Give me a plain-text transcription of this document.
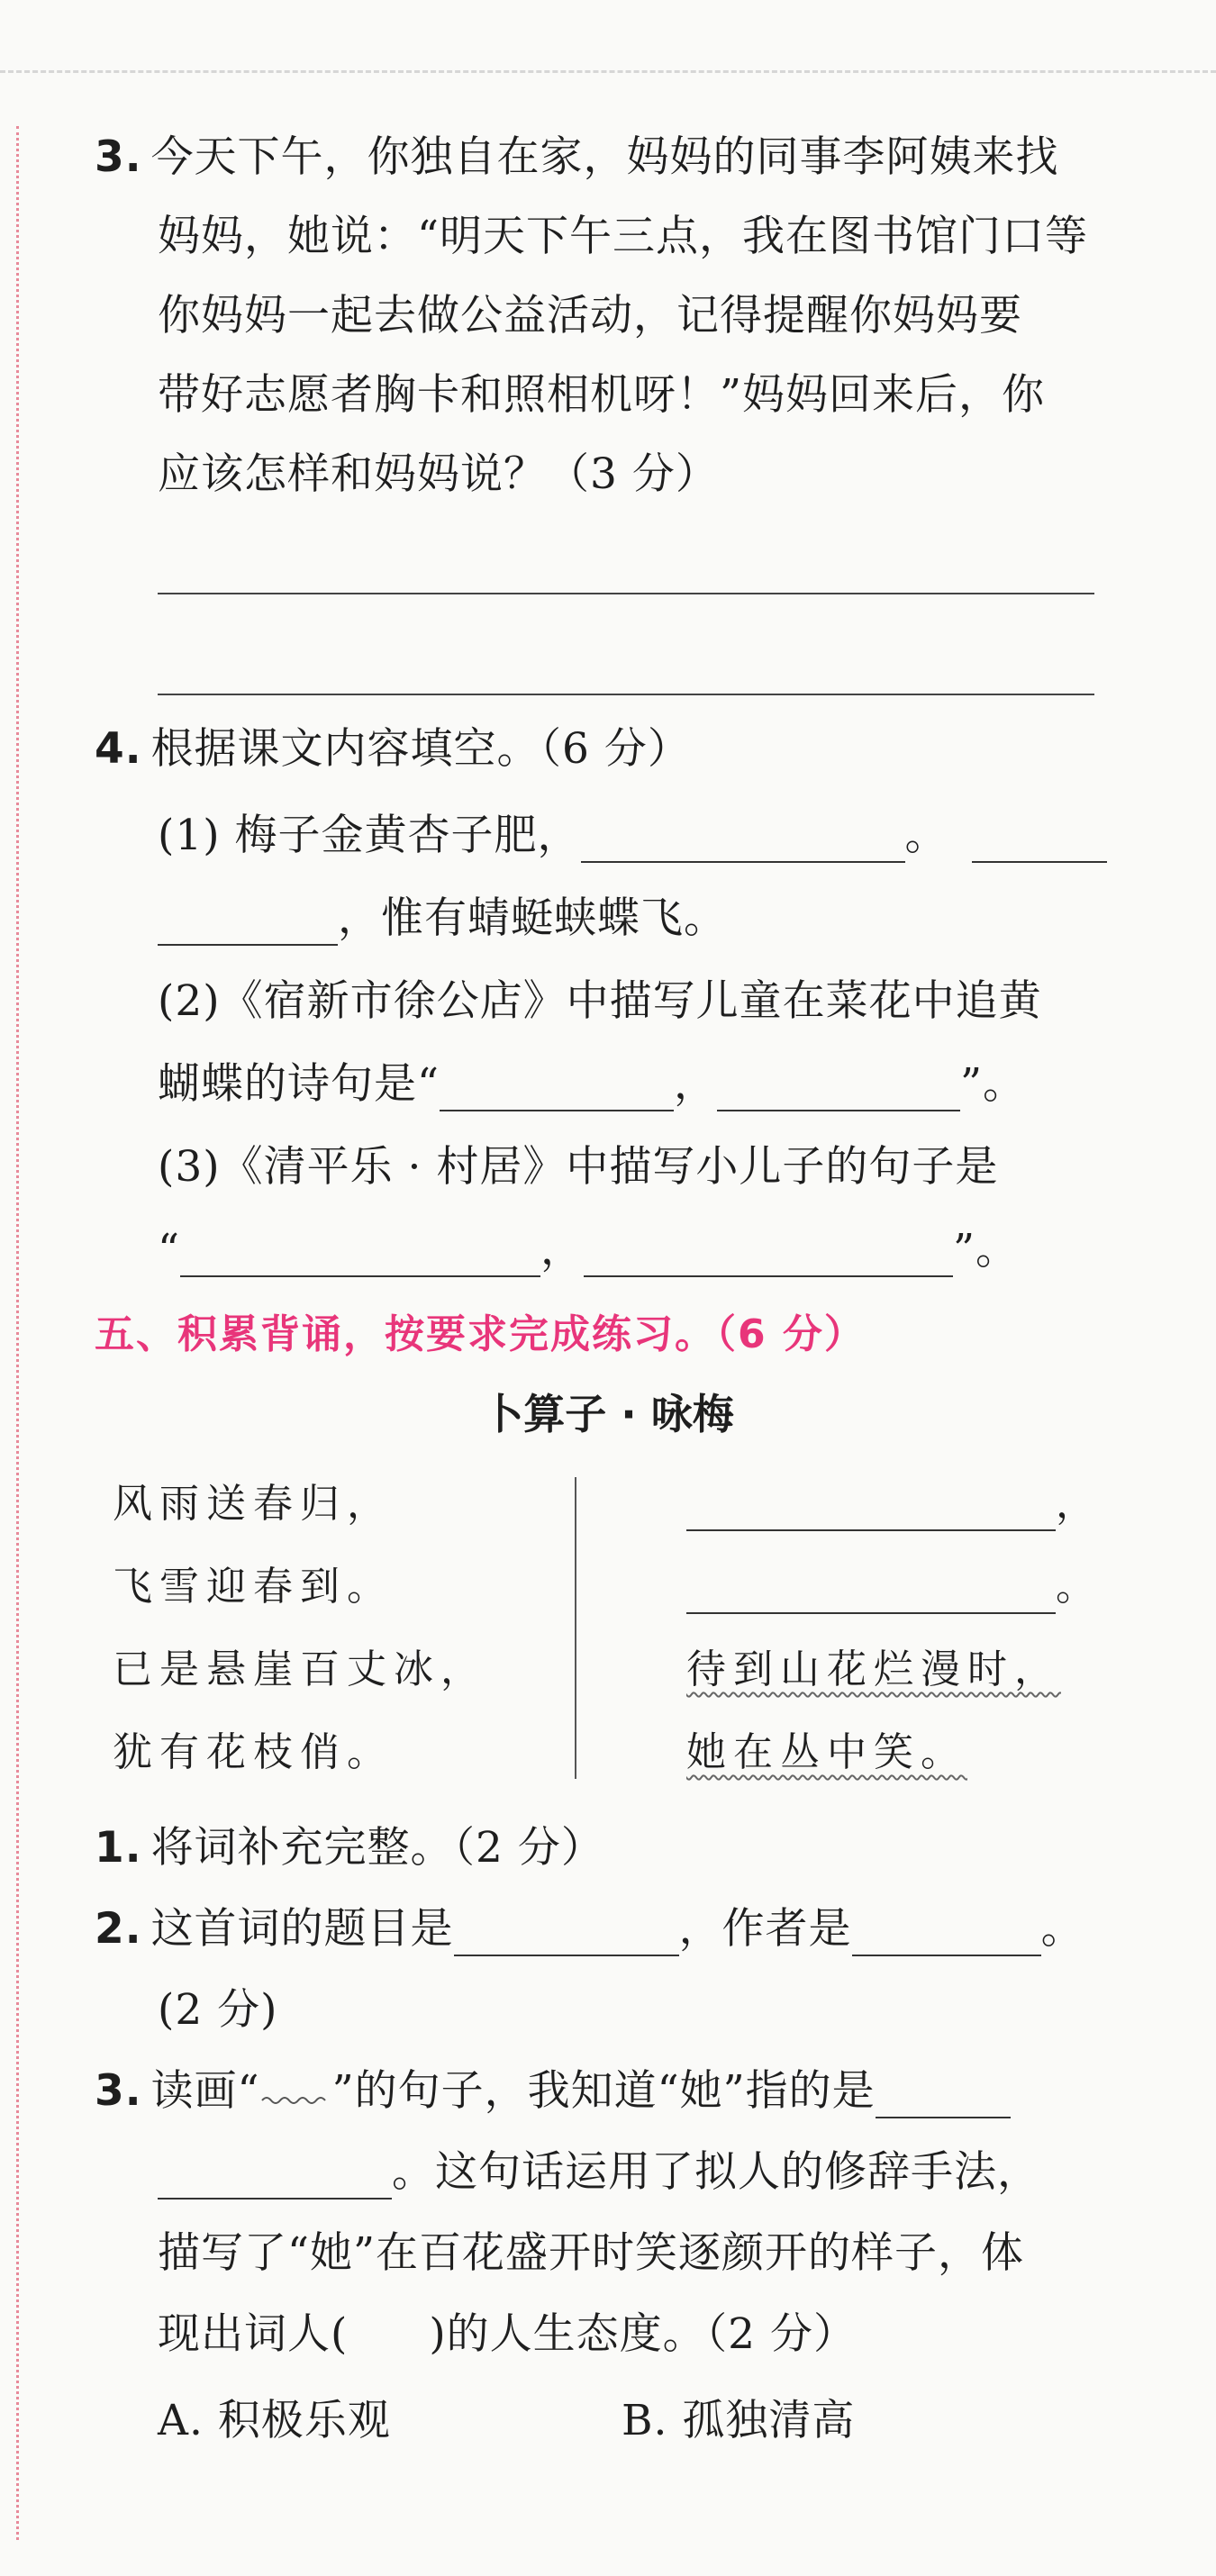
3. 今天下午，你独自在家，妈妈的同事李阿姨来找
妈妈，她说：“明天下午三点，我在图书馆门口等
你妈妈一起去做公益活动，记得提醒你妈妈要
带好志愿者胸卡和照相机呀！”妈妈回来后，你
应该怎样和妈妈说？（3 分）
4. 根据课文内容填空。（6 分）
(1) 梅子金黄杏子肥，	。
，惟有蜻蜓蛱蝶飞。
(2)《宿新市徐公店》中描写儿童在菜花中追黄
蝴蝶的诗句是“	，	”。
(3)《清平乐 · 村居》中描写小儿子的句子是
“	，	”。
五、积累背诵，按要求完成练习。（6 分）
卜算子 · 咏梅
风雨送春归，
飞雪迎春到。
已是悬崖百丈冰，
犹有花枝俏。
，
。
待到山花烂漫时，
她在丛中笑。
1. 将词补充完整。（2 分）
2. 这首词的题目是	，作者是	。
(2 分)
3. 读画“ ”的句子，我知道“她”指的是
。这句话运用了拟人的修辞手法，
描写了“她”在百花盛开时笑逐颜开的样子，体
现出词人( )的人生态度。（2 分）
A. 积极乐观	B. 孤独清高
